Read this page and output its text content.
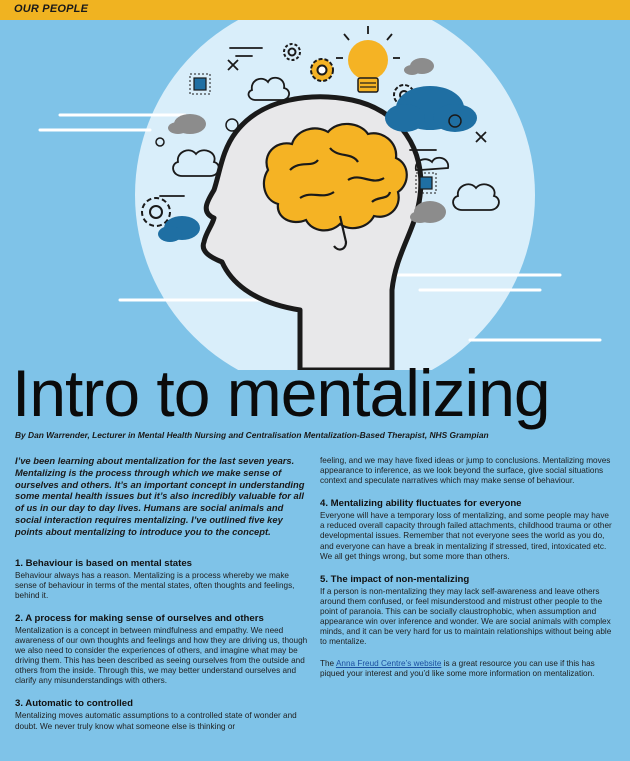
OUR PEOPLE
Intro to mentalizing
By Dan Warrender, Lecturer in Mental Health Nursing and Centralisation Mentalization-Based Therapist, NHS Grampian

I’ve been learning about mentalization for the last seven years. Mentalizing is the process through which we make sense of ourselves and others. It’s an important concept in understanding some mental health issues but it’s also incredibly valuable for all of us in our day to day lives. Humans are social animals and social interaction requires mentalizing. I’ve outlined five key points about mentalizing to introduce you to the concept.

1. Behaviour is based on mental states

Behaviour always has a reason. Mentalizing is a process whereby we make sense of behaviour in terms of the mental states, often thoughts and feelings, behind it.

2. A process for making sense of ourselves and others

Mentalization is a concept in between mindfulness and empathy. We need awareness of our own thoughts and feelings and how they are driving us, though we also need to consider the experiences of others, and imagine what may be driving them. This has been described as seeing ourselves from the outside and others from the inside. Through this, we may better understand ourselves and clarify any misunderstandings with others.

3. Automatic to controlled

Mentalizing moves automatic assumptions to a controlled state of wonder and doubt. We never truly know what someone else is thinking or

feeling, and we may have fixed ideas or jump to conclusions. Mentalizing moves appearance to inference, as we look beyond the surface, give social situations context and speculate narratives which may make sense of behaviour.

4. Mentalizing ability fluctuates for everyone

Everyone will have a temporary loss of mentalizing, and some people may have a reduced overall capacity through failed attachments, childhood trauma or other developmental issues. Remember that not everyone sees the world as you do, and everyone can have a break in mentalizing if stressed, tired, intoxicated etc. We all get things wrong, but some more than others.

5. The impact of non-mentalizing

If a person is non-mentalizing they may lack self-awareness and leave others around them confused, or feel misunderstood and mistrust other people to the point of paranoia. This can be socially claustrophobic, when assumption and appearance win over inference and wonder. We are social animals with complex minds, and it can be very hard for us to maintain relationships without being able to mentalize.

The Anna Freud Centre’s website is a great resource you can use if this has piqued your interest and you’d like some more information on mentalization.
